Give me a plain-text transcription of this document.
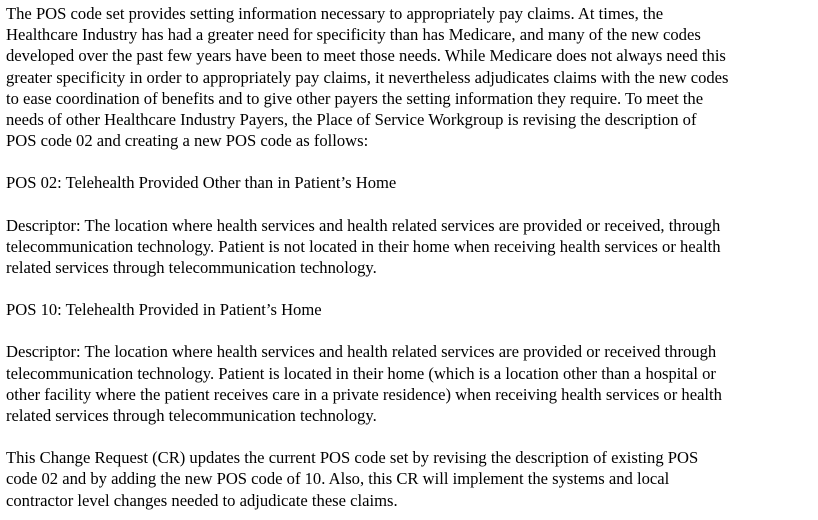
The POS code set provides setting information necessary to appropriately pay claims. At times, the
Healthcare Industry has had a greater need for specificity than has Medicare, and many of the new codes
developed over the past few years have been to meet those needs. While Medicare does not always need this
greater specificity in order to appropriately pay claims, it nevertheless adjudicates claims with the new codes
to ease coordination of benefits and to give other payers the setting information they require. To meet the
needs of other Healthcare Industry Payers, the Place of Service Workgroup is revising the description of
POS code 02 and creating a new POS code as follows:

POS 02: Telehealth Provided Other than in Patient’s Home

Descriptor: The location where health services and health related services are provided or received, through
telecommunication technology. Patient is not located in their home when receiving health services or health
related services through telecommunication technology.

POS 10: Telehealth Provided in Patient’s Home

Descriptor: The location where health services and health related services are provided or received through
telecommunication technology. Patient is located in their home (which is a location other than a hospital or
other facility where the patient receives care in a private residence) when receiving health services or health
related services through telecommunication technology.

This Change Request (CR) updates the current POS code set by revising the description of existing POS
code 02 and by adding the new POS code of 10. Also, this CR will implement the systems and local
contractor level changes needed to adjudicate these claims.
